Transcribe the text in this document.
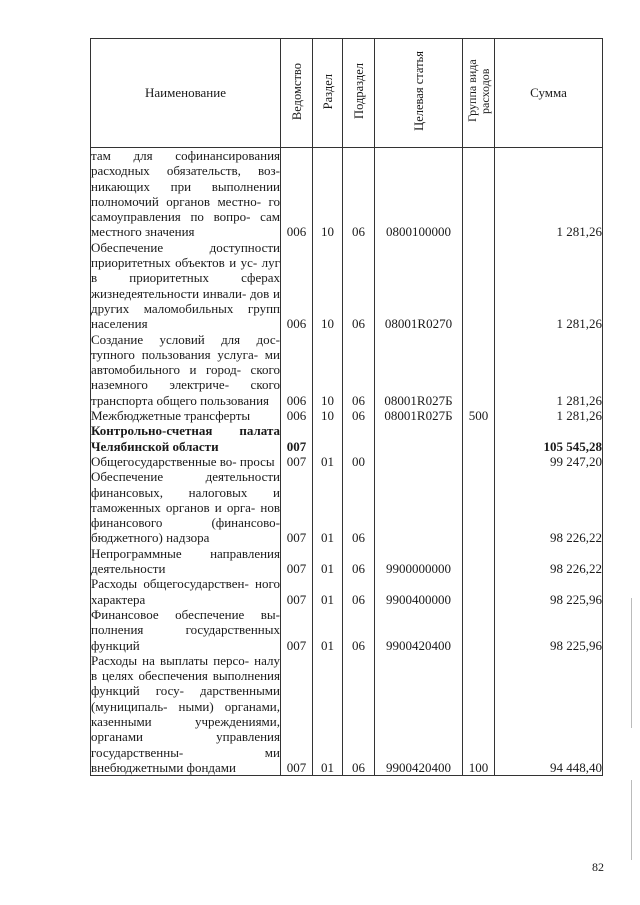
Наименование	Ведомство	Раздел	Подраздел	Целевая статья	Группа вида расходов	Сумма
там для софинансирования расходных обязательств, воз- никающих при выполнении полномочий органов местно- го самоуправления по вопро- сам местного значения	006	10	06	0800100000		1 281,26
Обеспечение доступности приоритетных объектов и ус- луг в приоритетных сферах жизнедеятельности инвали- дов и других маломобильных групп населения	006	10	06	08001R0270		1 281,26
Создание условий для дос- тупного пользования услуга- ми автомобильного и город- ского наземного электриче- ского транспорта общего пользования	006	10	06	08001R027Б		1 281,26
Межбюджетные трансферты	006	10	06	08001R027Б	500	1 281,26
Контрольно-счетная палата Челябинской области	007					105 545,28
Общегосударственные во- просы	007	01	00			99 247,20
Обеспечение деятельности финансовых, налоговых и таможенных органов и орга- нов финансового (финансово- бюджетного) надзора	007	01	06			98 226,22
Непрограммные направления деятельности	007	01	06	9900000000		98 226,22
Расходы общегосударствен- ного характера	007	01	06	9900400000		98 225,96
Финансовое обеспечение вы- полнения государственных функций	007	01	06	9900420400		98 225,96
Расходы на выплаты персо- налу в целях обеспечения выполнения функций госу- дарственными (муниципаль- ными) органами, казенными учреждениями, органами управления государственны- ми внебюджетными фондами	007	01	06	9900420400	100	94 448,40
82
